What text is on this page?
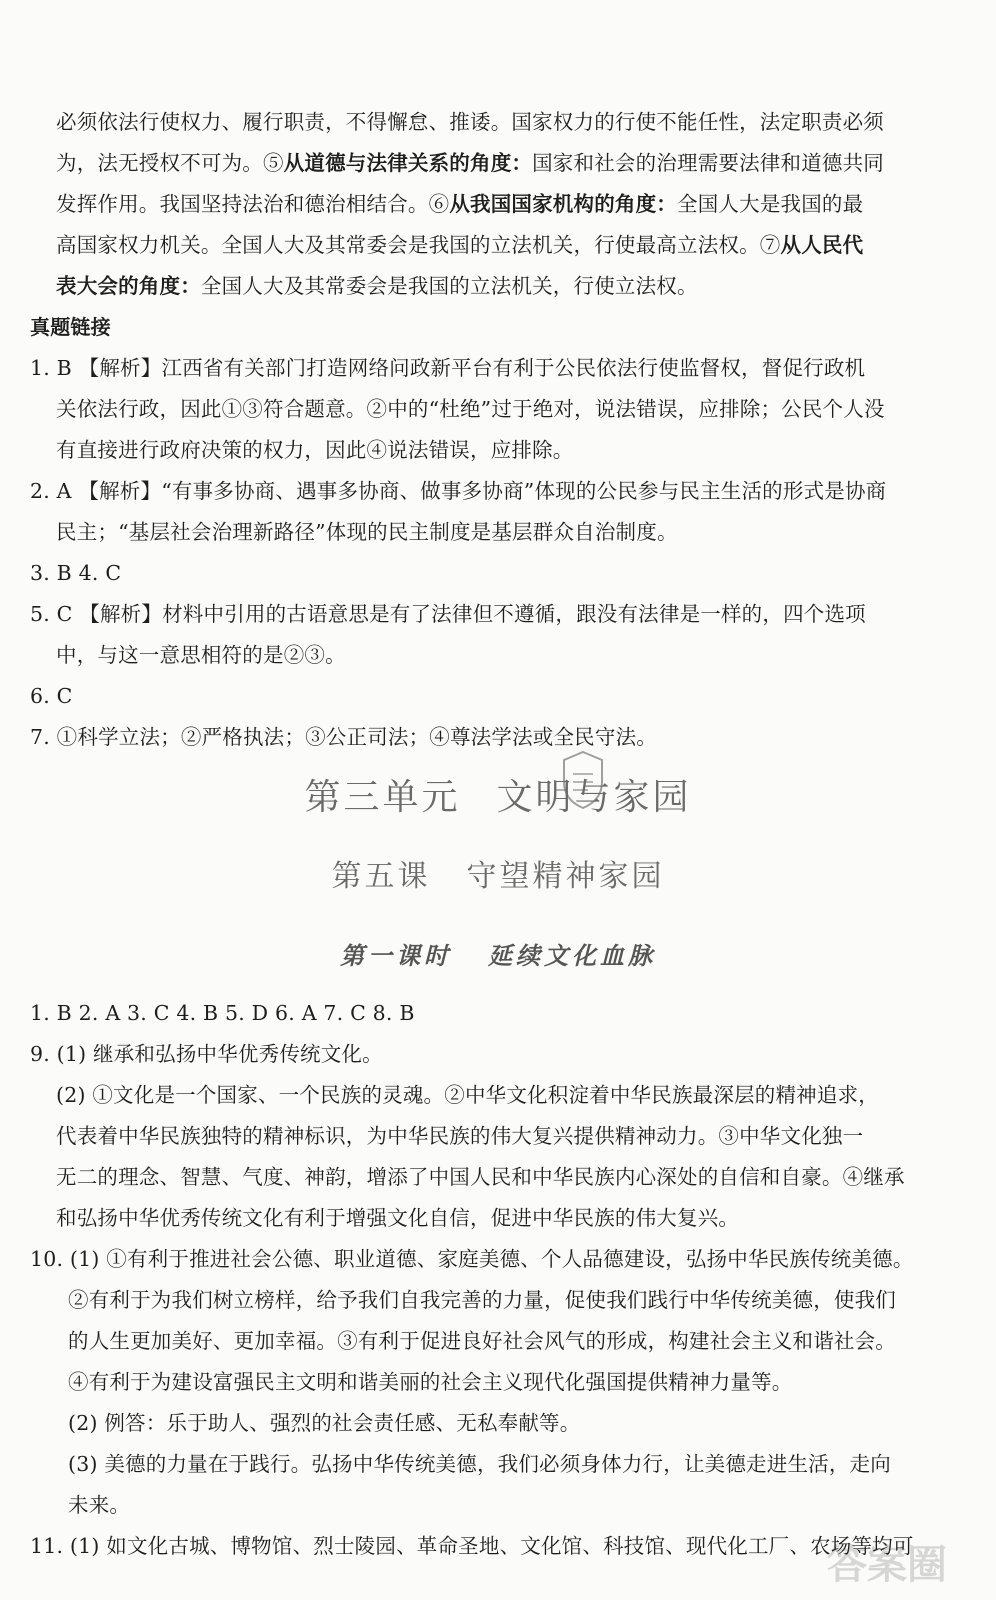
必须依法行使权力、履行职责，不得懈怠、推诿。国家权力的行使不能任性，法定职责必须
为，法无授权不可为。⑤从道德与法律关系的角度：国家和社会的治理需要法律和道德共同
发挥作用。我国坚持法治和德治相结合。⑥从我国国家机构的角度：全国人大是我国的最
高国家权力机关。全国人大及其常委会是我国的立法机关，行使最高立法权。⑦从人民代
表大会的角度：全国人大及其常委会是我国的立法机关，行使立法权。
真题链接
1. B 【解析】江西省有关部门打造网络问政新平台有利于公民依法行使监督权，督促行政机
关依法行政，因此①③符合题意。②中的“杜绝”过于绝对，说法错误，应排除；公民个人没
有直接进行政府决策的权力，因此④说法错误，应排除。
2. A 【解析】“有事多协商、遇事多协商、做事多协商”体现的公民参与民主生活的形式是协商
民主；“基层社会治理新路径”体现的民主制度是基层群众自治制度。
3. B 4. C
5. C 【解析】材料中引用的古语意思是有了法律但不遵循，跟没有法律是一样的，四个选项
中，与这一意思相符的是②③。
6. C
7. ①科学立法；②严格执法；③公正司法；④尊法学法或全民守法。
第三单元 文明与家园
第五课 守望精神家园
第一课时 延续文化血脉
1. B 2. A 3. C 4. B 5. D 6. A 7. C 8. B
9. (1) 继承和弘扬中华优秀传统文化。
(2) ①文化是一个国家、一个民族的灵魂。②中华文化积淀着中华民族最深层的精神追求，
代表着中华民族独特的精神标识，为中华民族的伟大复兴提供精神动力。③中华文化独一
无二的理念、智慧、气度、神韵，增添了中国人民和中华民族内心深处的自信和自豪。④继承
和弘扬中华优秀传统文化有利于增强文化自信，促进中华民族的伟大复兴。
10. (1) ①有利于推进社会公德、职业道德、家庭美德、个人品德建设，弘扬中华民族传统美德。
②有利于为我们树立榜样，给予我们自我完善的力量，促使我们践行中华传统美德，使我们
的人生更加美好、更加幸福。③有利于促进良好社会风气的形成，构建社会主义和谐社会。
④有利于为建设富强民主文明和谐美丽的社会主义现代化强国提供精神力量等。
(2) 例答：乐于助人、强烈的社会责任感、无私奉献等。
(3) 美德的力量在于践行。弘扬中华传统美德，我们必须身体力行，让美德走进生活，走向
未来。
11. (1) 如文化古城、博物馆、烈士陵园、革命圣地、文化馆、科技馆、现代化工厂、农场等均可
答案圈
